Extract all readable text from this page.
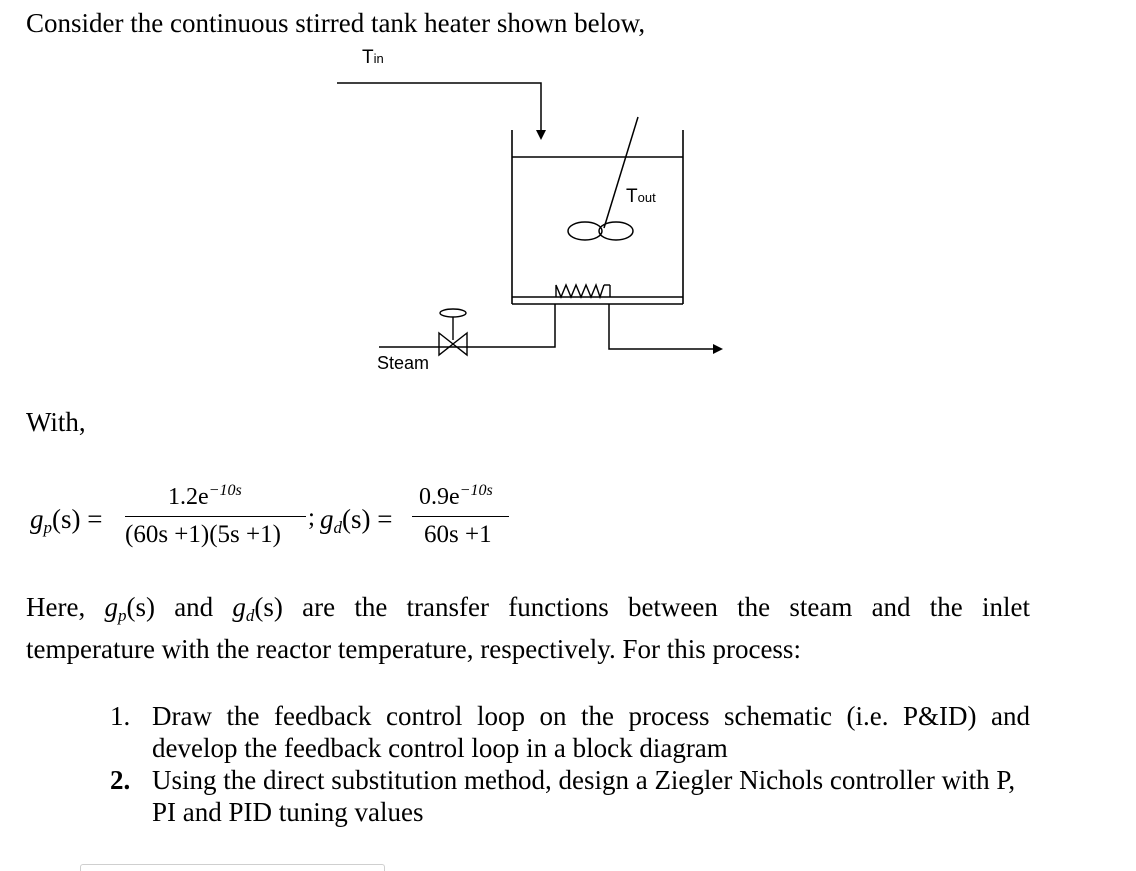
Consider the continuous stirred tank heater shown below,
Tin
Tout
Steam
With,
$g_p(s)$ =
$1.2e^{-10s}$
(60s +1)(5s +1)
; $g_d(s)$ =
$0.9e^{-10s}$
60s +1
Here, $g_p(s)$ and $g_d(s)$ are the transfer functions between the steam and the inlet
temperature with the reactor temperature, respectively. For this process:
1. Draw the feedback control loop on the process schematic (i.e. P&ID) and develop the feedback control loop in a block diagram
2. Using the direct substitution method, design a Ziegler Nichols controller with P, PI and PID tuning values
